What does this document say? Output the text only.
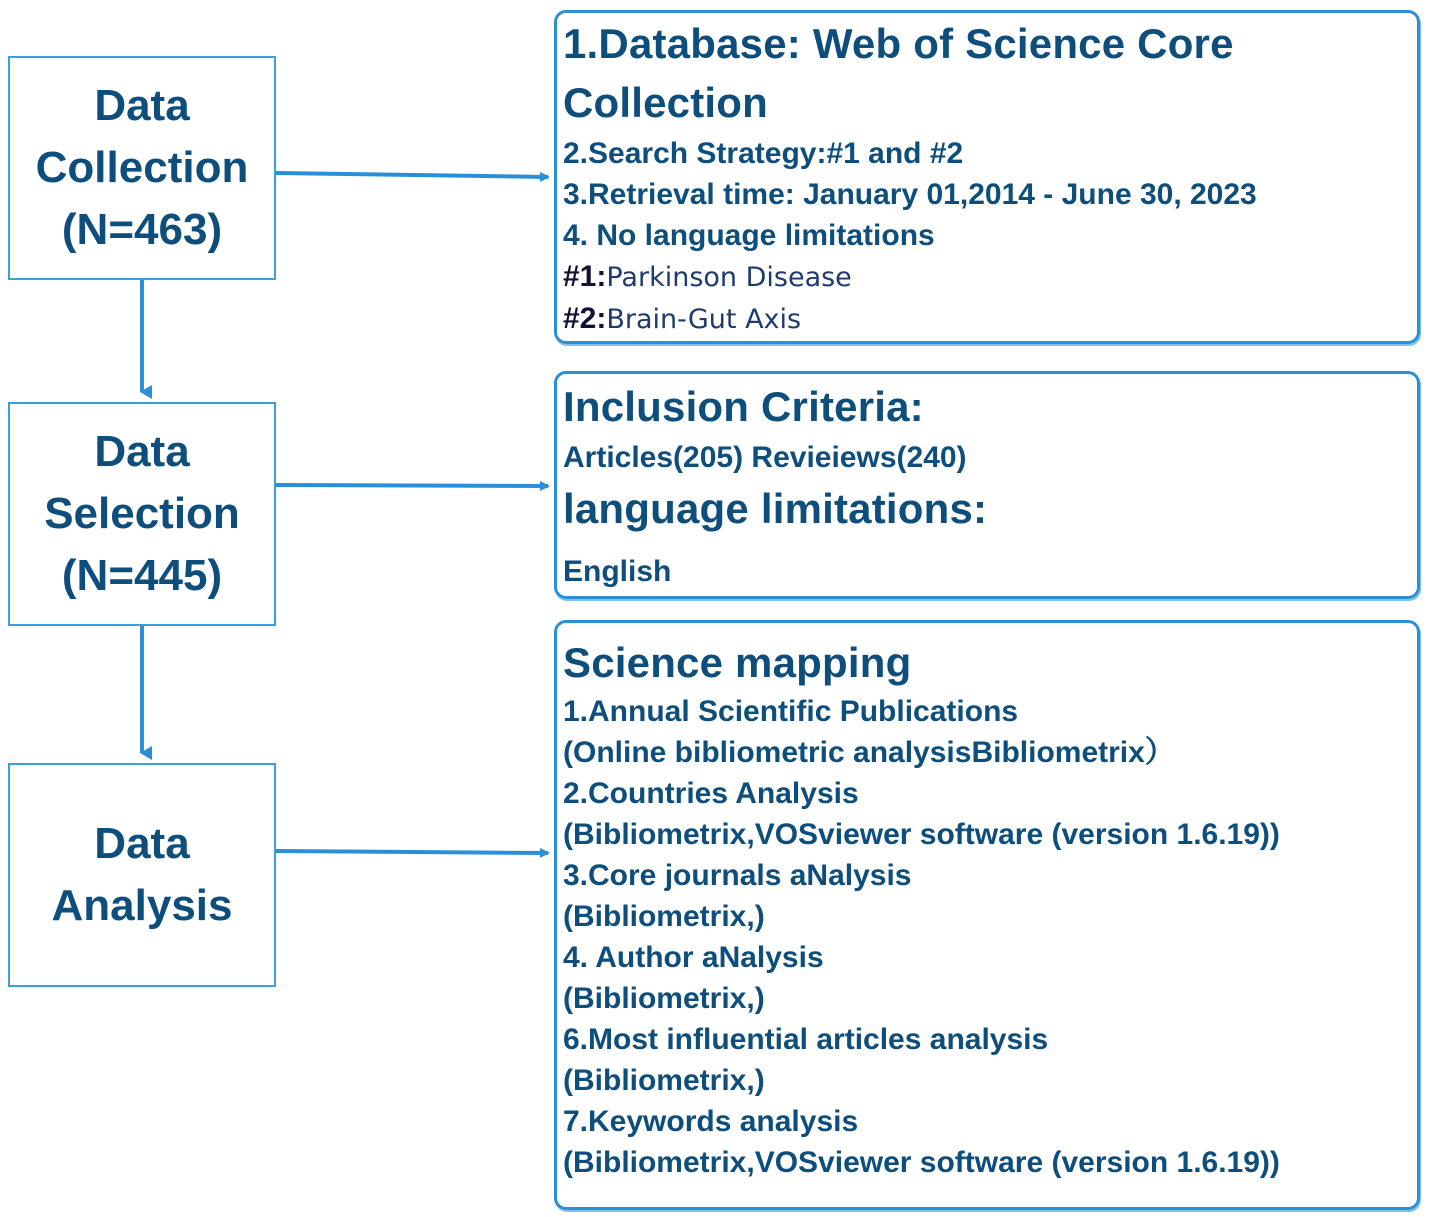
Data
Collection
(N=463)
Data
Selection
(N=445)
Data
Analysis
1.Database: Web of Science Core
Collection
2.Search Strategy:#1 and #2
3.Retrieval time: January 01,2014 - June 30, 2023
4. No language limitations
#1:Parkinson Disease
#2:Brain-Gut Axis
Inclusion Criteria:
Articles(205) Revieiews(240)
language limitations:
English
Science mapping
1.Annual Scientific Publications
(Online bibliometric analysisBibliometrix）
2.Countries Analysis
(Bibliometrix,VOSviewer software (version 1.6.19))
3.Core journals aNalysis
(Bibliometrix,)
4. Author aNalysis
(Bibliometrix,)
6.Most influential articles analysis
(Bibliometrix,)
7.Keywords analysis
(Bibliometrix,VOSviewer software (version 1.6.19))
